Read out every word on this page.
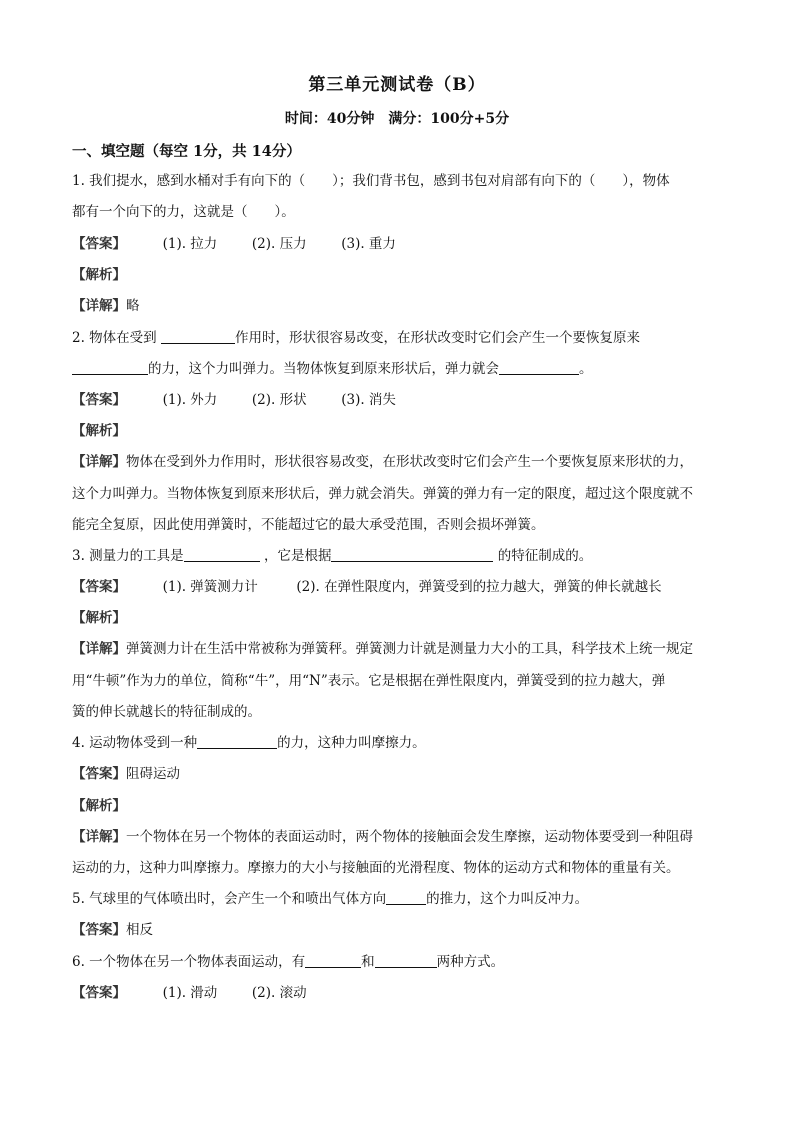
第三单元测试卷（B）
时间：40分钟　满分：100分+5分
一、填空题（每空 1分，共 14分）
1. 我们提水，感到水桶对手有向下的（　　）；我们背书包，感到书包对肩部有向下的（　　），物体
都有一个向下的力，这就是（　　）。
【答案】	(1). 拉力	(2). 压力	(3). 重力
【解析】
【详解】略
2. 物体在受到	作用时，形状很容易改变，在形状改变时它们会产生一个要恢复原来
的力，这个力叫弹力。当物体恢复到原来形状后，弹力就会	。
【答案】	(1). 外力	(2). 形状	(3). 消失
【解析】
【详解】物体在受到外力作用时，形状很容易改变，在形状改变时它们会产生一个要恢复原来形状的力，
这个力叫弹力。当物体恢复到原来形状后，弹力就会消失。弹簧的弹力有一定的限度，超过这个限度就不
能完全复原，因此使用弹簧时，不能超过它的最大承受范围，否则会损坏弹簧。
3. 测量力的工具是	，它是根据	的特征制成的。
【答案】	(1). 弹簧测力计	(2). 在弹性限度内，弹簧受到的拉力越大，弹簧的伸长就越长
【解析】
【详解】弹簧测力计在生活中常被称为弹簧秤。弹簧测力计就是测量力大小的工具，科学技术上统一规定
用“牛顿”作为力的单位，简称“牛”，用“N”表示。它是根据在弹性限度内，弹簧受到的拉力越大，弹
簧的伸长就越长的特征制成的。
4. 运动物体受到一种	的力，这种力叫摩擦力。
【答案】阻碍运动
【解析】
【详解】一个物体在另一个物体的表面运动时，两个物体的接触面会发生摩擦，运动物体要受到一种阻碍
运动的力，这种力叫摩擦力。摩擦力的大小与接触面的光滑程度、物体的运动方式和物体的重量有关。
5. 气球里的气体喷出时，会产生一个和喷出气体方向	的推力，这个力叫反冲力。
【答案】相反
6. 一个物体在另一个物体表面运动，有	和	两种方式。
【答案】	(1). 滑动	(2). 滚动
